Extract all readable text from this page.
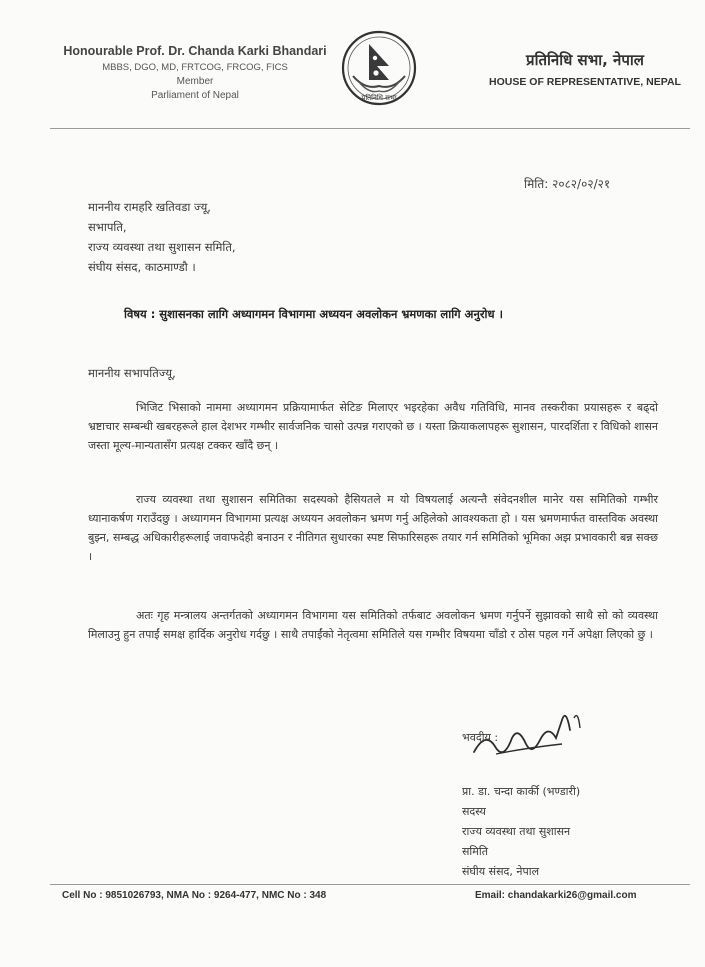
Honourable Prof. Dr. Chanda Karki Bhandari
MBBS, DGO, MD, FRTCOG, FRCOG, FICS
Member
Parliament of Nepal	प्रतिनिधि सभा
प्रतिनिधि सभा, नेपाल
HOUSE OF REPRESENTATIVE, NEPAL
मिति: २०८२/०२/२१
माननीय रामहरि खतिवडा ज्यू,
सभापति,
राज्य व्यवस्था तथा सुशासन समिति,
संघीय संसद, काठमाण्डौ ।
विषय : सुशासनका लागि अध्यागमन विभागमा अध्ययन अवलोकन भ्रमणका लागि अनुरोध ।
माननीय सभापतिज्यू,
भिजिट भिसाको नाममा अध्यागमन प्रक्रियामार्फत सेटिङ मिलाएर भइरहेका अवैध गतिविधि, मानव तस्करीका प्रयासहरू र बढ्दो भ्रष्टाचार सम्बन्धी खबरहरूले हाल देशभर गम्भीर सार्वजनिक चासो उत्पन्न गराएको छ । यस्ता क्रियाकलापहरू सुशासन, पारदर्शिता र विधिको शासन जस्ता मूल्य-मान्यतासँग प्रत्यक्ष टक्कर खाँदै छन् ।
राज्य व्यवस्था तथा सुशासन समितिका सदस्यको हैसियतले म यो विषयलाई अत्यन्तै संवेदनशील मानेर यस समितिको गम्भीर ध्यानाकर्षण गराउँदछु । अध्यागमन विभागमा प्रत्यक्ष अध्ययन अवलोकन भ्रमण गर्नु अहिलेको आवश्यकता हो । यस भ्रमणमार्फत वास्तविक अवस्था बुझ्न, सम्बद्ध अधिकारीहरूलाई जवाफदेही बनाउन र नीतिगत सुधारका स्पष्ट सिफारिसहरू तयार गर्न समितिको भूमिका अझ प्रभावकारी बन्न सक्छ ।
अतः गृह मन्त्रालय अन्तर्गतको अध्यागमन विभागमा यस समितिको तर्फबाट अवलोकन भ्रमण गर्नुपर्ने सुझावको साथै सो को व्यवस्था मिलाउनु हुन तपाईं समक्ष हार्दिक अनुरोध गर्दछु । साथै तपाईंको नेतृत्वमा समितिले यस गम्भीर विषयमा चाँडो र ठोस पहल गर्ने अपेक्षा लिएको छु ।
भवदीय :
प्रा. डा. चन्दा कार्की (भण्डारी)
सदस्य
राज्य व्यवस्था तथा सुशासन
समिति
संघीय संसद, नेपाल
Cell No : 9851026793, NMA No : 9264-477, NMC No : 348	Email: chandakarki26@gmail.com
